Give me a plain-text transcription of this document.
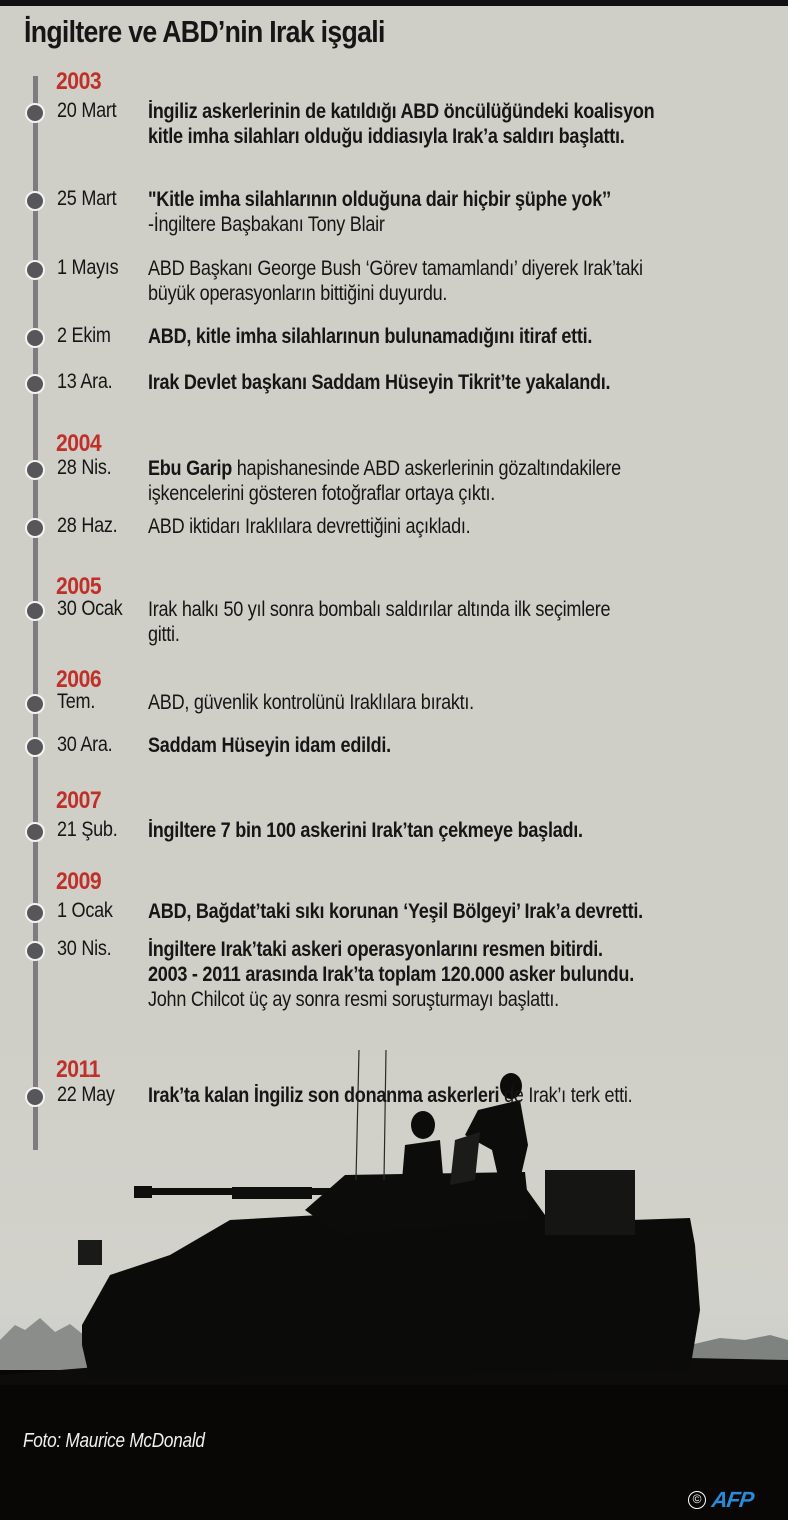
İngiltere ve ABD’nin Irak işgali
2003
20 Mart İngiliz askerlerinin de katıldığı ABD öncülüğündeki koalisyon
kitle imha silahları olduğu iddiasıyla Irak’a saldırı başlattı.
25 Mart "Kitle imha silahlarının olduğuna dair hiçbir şüphe yok’’
-İngiltere Başbakanı Tony Blair
1 Mayıs ABD Başkanı George Bush ‘Görev tamamlandı’ diyerek Irak’taki
büyük operasyonların bittiğini duyurdu.
2 Ekim ABD, kitle imha silahlarınun bulunamadığını itiraf etti.
13 Ara. Irak Devlet başkanı Saddam Hüseyin Tikrit’te yakalandı.
2004
28 Nis. Ebu Garip hapishanesinde ABD askerlerinin gözaltındakilere
işkencelerini gösteren fotoğraflar ortaya çıktı.
28 Haz. ABD iktidarı Iraklılara devrettiğini açıkladı.
2005
30 Ocak Irak halkı 50 yıl sonra bombalı saldırılar altında ilk seçimlere
gitti.
2006
Tem.	ABD, güvenlik kontrolünü Iraklılara bıraktı.
30 Ara. Saddam Hüseyin idam edildi.
2007
21 Şub. İngiltere 7 bin 100 askerini Irak’tan çekmeye başladı.
2009
1 Ocak ABD, Bağdat’taki sıkı korunan ‘Yeşil Bölgeyi’ Irak’a devretti.
30 Nis. İngiltere Irak’taki askeri operasyonlarını resmen bitirdi.
2003 - 2011 arasında Irak’ta toplam 120.000 asker bulundu.
John Chilcot üç ay sonra resmi soruşturmayı başlattı.
2011
22 May Irak’ta kalan İngiliz son donanma askerleri de Irak’ı terk etti.
Foto: Maurice McDonald
© AFP
